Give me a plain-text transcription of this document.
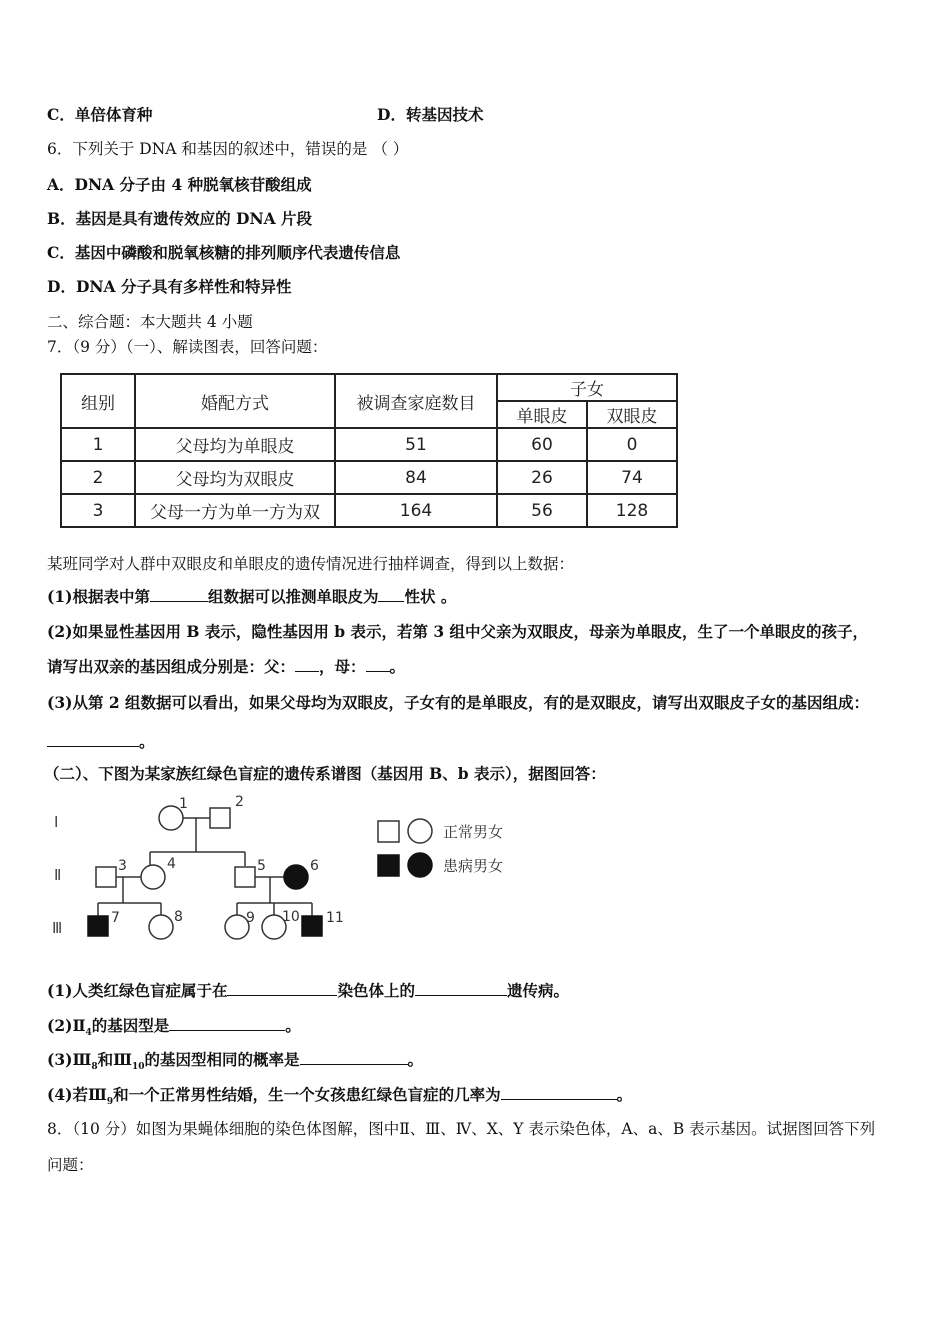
C．单倍体育种	D．转基因技术
6．下列关于 DNA 和基因的叙述中，错误的是 （ ）
A．DNA 分子由 4 种脱氧核苷酸组成
B．基因是具有遗传效应的 DNA 片段
C．基因中磷酸和脱氧核糖的排列顺序代表遗传信息
D．DNA 分子具有多样性和特异性
二、综合题：本大题共 4 小题
7．（9 分）（一）、解读图表，回答问题：
组别	婚配方式	被调查家庭数目	子女	
			单眼皮	双眼皮
1	父母均为单眼皮	51	60	0
2	父母均为双眼皮	84	26	74
3	父母一方为单一方为双	164	56	128
某班同学对人群中双眼皮和单眼皮的遗传情况进行抽样调查，得到以上数据：
(1)根据表中第	组数据可以推测单眼皮为 性状 。
(2)如果显性基因用 B 表示，隐性基因用 b 表示，若第 3 组中父亲为双眼皮，母亲为单眼皮，生了一个单眼皮的孩子，
请写出双亲的基因组成分别是：父： ，母： 。
(3)从第 2 组数据可以看出，如果父母均为双眼皮，子女有的是单眼皮，有的是双眼皮，请写出双眼皮子女的基因组成：
。
（二）、下图为某家族红绿色盲症的遗传系谱图（基因用 B、b 表示），据图回答：
Ⅰ
Ⅱ
Ⅲ
1	2
3	4	5	6
7	8	9 10 11
正常男女
患病男女
(1)人类红绿色盲症属于在	染色体上的	遗传病。
$(2)Ⅱ_4$的基因型是	。
$(3)Ⅲ_8$和$Ⅲ_{10}$的基因型相同的概率是	。
(4)若$Ⅲ_9$和一个正常男性结婚，生一个女孩患红绿色盲症的几率为	。
8．（10 分）如图为果蝇体细胞的染色体图解，图中Ⅱ、Ⅲ、Ⅳ、X、Y 表示染色体，A、a、B 表示基因。试据图回答下列
问题：
